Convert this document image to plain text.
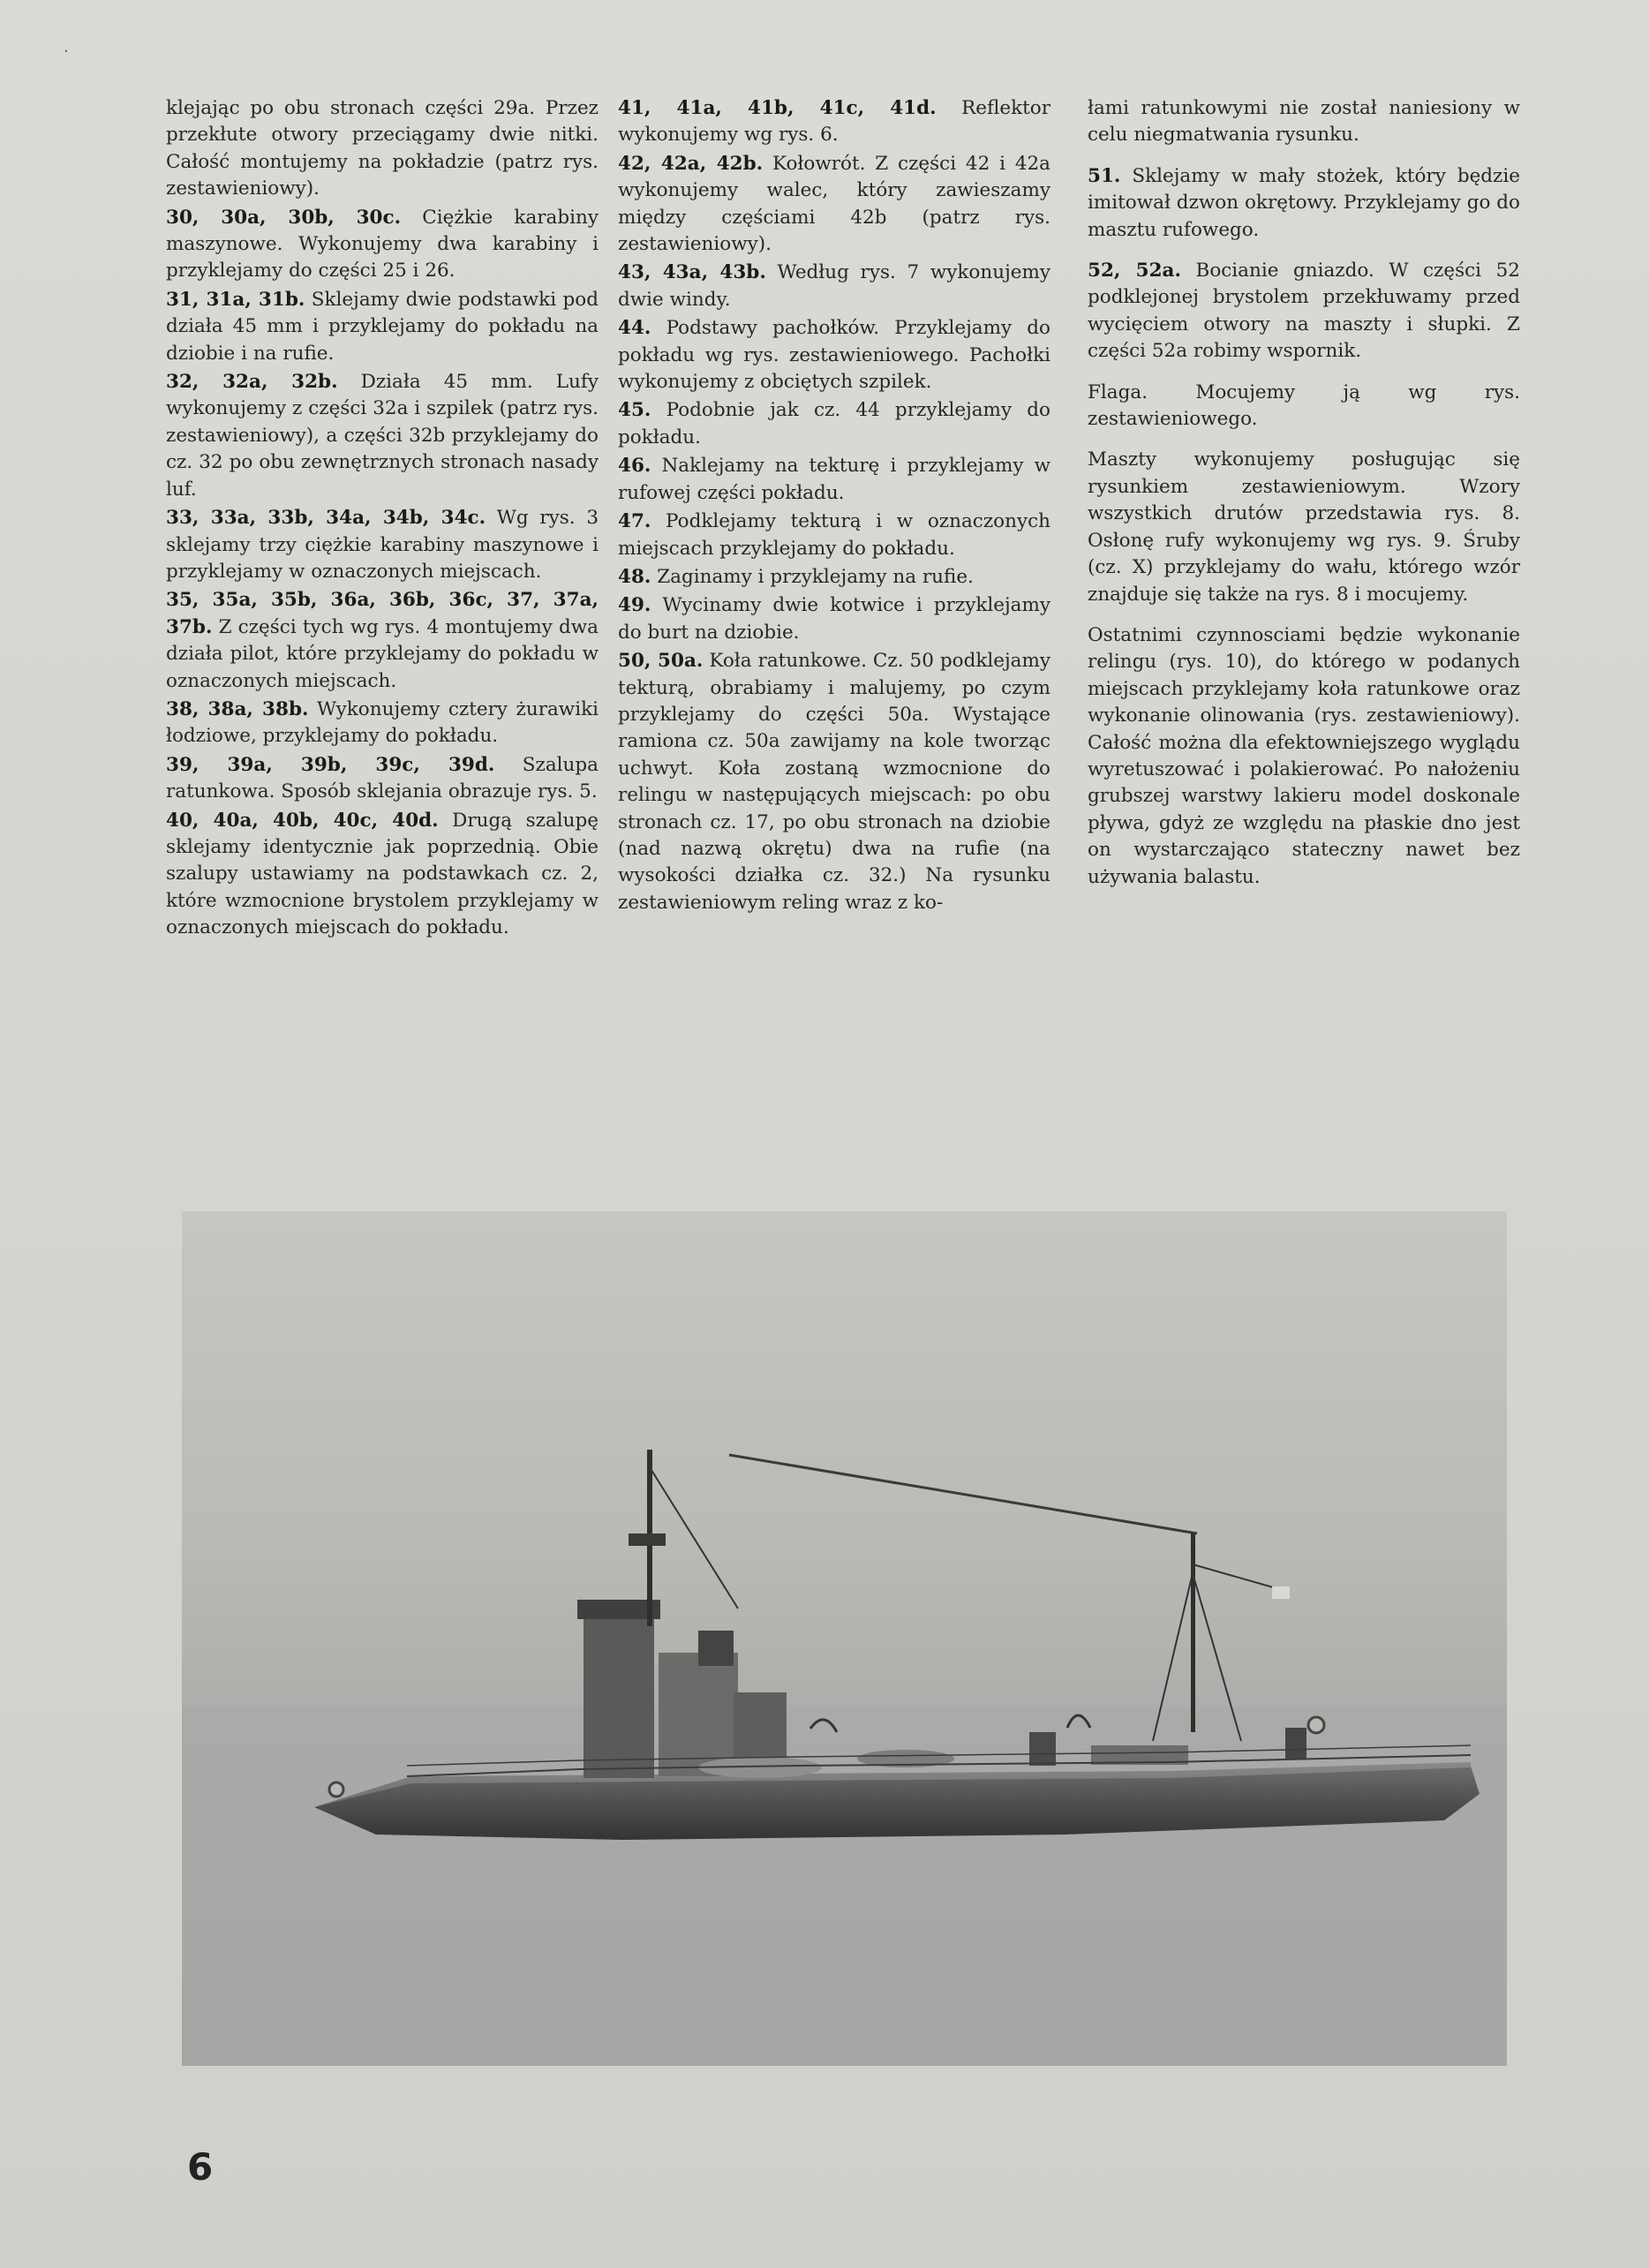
·

klejając po obu stronach części 29a. Przez przekłute otwory przeciągamy dwie nitki. Całość montujemy na pokładzie (patrz rys. zestawieniowy).

30, 30a, 30b, 30c. Ciężkie karabiny maszynowe. Wykonujemy dwa karabiny i przyklejamy do części 25 i 26.

31, 31a, 31b. Sklejamy dwie podstawki pod działa 45 mm i przyklejamy do pokładu na dziobie i na rufie.

32, 32a, 32b. Działa 45 mm. Lufy wykonujemy z części 32a i szpilek (patrz rys. zestawieniowy), a części 32b przyklejamy do cz. 32 po obu zewnętrznych stronach nasady luf.

33, 33a, 33b, 34a, 34b, 34c. Wg rys. 3 sklejamy trzy ciężkie karabiny maszynowe i przyklejamy w oznaczonych miejscach.

35, 35a, 35b, 36a, 36b, 36c, 37, 37a, 37b. Z części tych wg rys. 4 montujemy dwa działa pilot, które przyklejamy do pokładu w oznaczonych miejscach.

38, 38a, 38b. Wykonujemy cztery żurawiki łodziowe, przyklejamy do pokładu.

39, 39a, 39b, 39c, 39d. Szalupa ratunkowa. Sposób sklejania obrazuje rys. 5.

40, 40a, 40b, 40c, 40d. Drugą szalupę sklejamy identycznie jak poprzednią. Obie szalupy ustawiamy na podstawkach cz. 2, które wzmocnione brystolem przyklejamy w oznaczonych miejscach do pokładu.

41, 41a, 41b, 41c, 41d. Reflektor wykonujemy wg rys. 6.

42, 42a, 42b. Kołowrót. Z części 42 i 42a wykonujemy walec, który zawieszamy między częściami 42b (patrz rys. zestawieniowy).

43, 43a, 43b. Według rys. 7 wykonujemy dwie windy.

44. Podstawy pachołków. Przyklejamy do pokładu wg rys. zestawieniowego. Pachołki wykonujemy z obciętych szpilek.

45. Podobnie jak cz. 44 przyklejamy do pokładu.

46. Naklejamy na tekturę i przyklejamy w rufowej części pokładu.

47. Podklejamy tekturą i w oznaczonych miejscach przyklejamy do pokładu.

48. Zaginamy i przyklejamy na rufie.

49. Wycinamy dwie kotwice i przyklejamy do burt na dziobie.

50, 50a. Koła ratunkowe. Cz. 50 podklejamy tekturą, obrabiamy i malujemy, po czym przyklejamy do części 50a. Wystające ramiona cz. 50a zawijamy na kole tworząc uchwyt. Koła zostaną wzmocnione do relingu w następujących miejscach: po obu stronach cz. 17, po obu stronach na dziobie (nad nazwą okrętu) dwa na rufie (na wysokości działka cz. 32.) Na rysunku zestawieniowym reling wraz z ko-

łami ratunkowymi nie został naniesiony w celu niegmatwania rysunku.

51. Sklejamy w mały stożek, który będzie imitował dzwon okrętowy. Przyklejamy go do masztu rufowego.

52, 52a. Bocianie gniazdo. W części 52 podklejonej brystolem przekłuwamy przed wycięciem otwory na maszty i słupki. Z części 52a robimy wspornik.

Flaga. Mocujemy ją wg rys. zestawieniowego.

Maszty wykonujemy posługując się rysunkiem zestawieniowym. Wzory wszystkich drutów przedstawia rys. 8. Osłonę rufy wykonujemy wg rys. 9. Śruby (cz. X) przyklejamy do wału, którego wzór znajduje się także na rys. 8 i mocujemy.

Ostatnimi czynnosciami będzie wykonanie relingu (rys. 10), do którego w podanych miejscach przyklejamy koła ratunkowe oraz wykonanie olinowania (rys. zestawieniowy). Całość można dla efektowniejszego wyglądu wyretuszować i polakierować. Po nałożeniu grubszej warstwy lakieru model doskonale pływa, gdyż ze względu na płaskie dno jest on wystarczająco stateczny nawet bez używania balastu.

6
